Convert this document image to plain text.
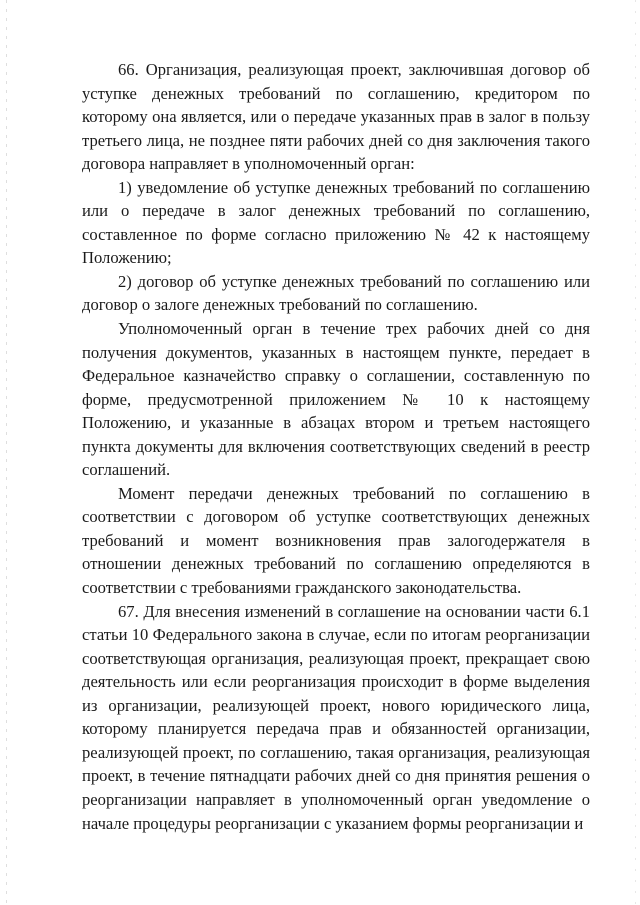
66. Организация, реализующая проект, заключившая договор об уступке денежных требований по соглашению, кредитором по которому она является, или о передаче указанных прав в залог в пользу третьего лица, не позднее пяти рабочих дней со дня заключения такого договора направляет в уполномоченный орган:

1) уведомление об уступке денежных требований по соглашению или о передаче в залог денежных требований по соглашению, составленное по форме согласно приложению № 42 к настоящему Положению;

2) договор об уступке денежных требований по соглашению или договор о залоге денежных требований по соглашению.

Уполномоченный орган в течение трех рабочих дней со дня получения документов, указанных в настоящем пункте, передает в Федеральное казначейство справку о соглашении, составленную по форме, предусмотренной приложением № 10 к настоящему Положению, и указанные в абзацах втором и третьем настоящего пункта документы для включения соответствующих сведений в реестр соглашений.

Момент передачи денежных требований по соглашению в соответствии с договором об уступке соответствующих денежных требований и момент возникновения прав залогодержателя в отношении денежных требований по соглашению определяются в соответствии с требованиями гражданского законодательства.

67. Для внесения изменений в соглашение на основании части 6.1 статьи 10 Федерального закона в случае, если по итогам реорганизации соответствующая организация, реализующая проект, прекращает свою деятельность или если реорганизация происходит в форме выделения из организации, реализующей проект, нового юридического лица, которому планируется передача прав и обязанностей организации, реализующей проект, по соглашению, такая организация, реализующая проект, в течение пятнадцати рабочих дней со дня принятия решения о реорганизации направляет в уполномоченный орган уведомление о начале процедуры реорганизации с указанием формы реорганизации и
